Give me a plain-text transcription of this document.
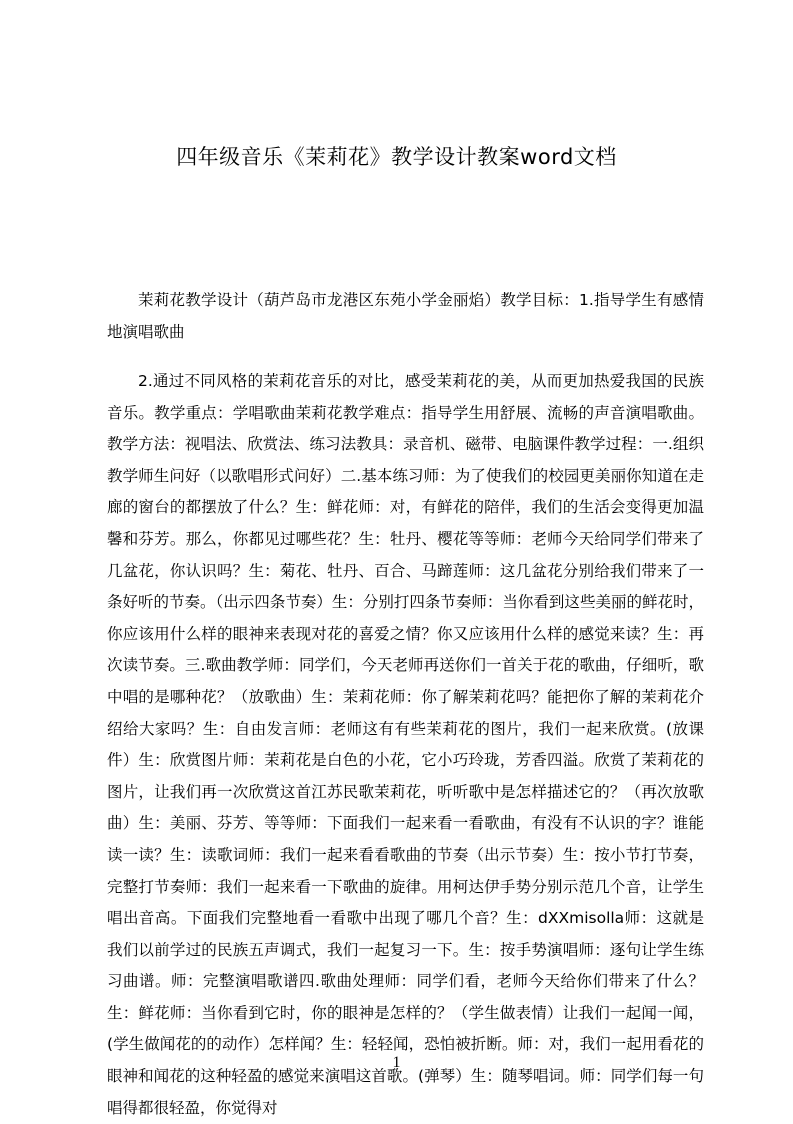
四年级音乐《茉莉花》教学设计教案word文档

茉莉花教学设计（葫芦岛市龙港区东苑小学金丽焰）教学目标：1.指导学生有感情地演唱歌曲

2.通过不同风格的茉莉花音乐的对比，感受茉莉花的美，从而更加热爱我国的民族音乐。教学重点：学唱歌曲茉莉花教学难点：指导学生用舒展、流畅的声音演唱歌曲。教学方法：视唱法、欣赏法、练习法教具：录音机、磁带、电脑课件教学过程：一.组织教学师生问好（以歌唱形式问好）二.基本练习师：为了使我们的校园更美丽你知道在走廊的窗台的都摆放了什么？生：鲜花师：对，有鲜花的陪伴，我们的生活会变得更加温馨和芬芳。那么，你都见过哪些花？生：牡丹、樱花等等师：老师今天给同学们带来了几盆花，你认识吗？生：菊花、牡丹、百合、马蹄莲师：这几盆花分别给我们带来了一条好听的节奏。（出示四条节奏）生：分别打四条节奏师：当你看到这些美丽的鲜花时，你应该用什么样的眼神来表现对花的喜爱之情？你又应该用什么样的感觉来读？生：再次读节奏。三.歌曲教学师：同学们，今天老师再送你们一首关于花的歌曲，仔细听，歌中唱的是哪种花？（放歌曲）生：茉莉花师：你了解茉莉花吗？能把你了解的茉莉花介绍给大家吗？生：自由发言师：老师这有有些茉莉花的图片，我们一起来欣赏。(放课件）生：欣赏图片师：茉莉花是白色的小花，它小巧玲珑，芳香四溢。欣赏了茉莉花的图片，让我们再一次欣赏这首江苏民歌茉莉花，听听歌中是怎样描述它的？（再次放歌曲）生：美丽、芬芳、等等师：下面我们一起来看一看歌曲，有没有不认识的字？谁能读一读？生：读歌词师：我们一起来看看歌曲的节奏（出示节奏）生：按小节打节奏，完整打节奏师：我们一起来看一下歌曲的旋律。用柯达伊手势分别示范几个音，让学生唱出音高。下面我们完整地看一看歌中出现了哪几个音？生：dXXmisolla师：这就是我们以前学过的民族五声调式，我们一起复习一下。生：按手势演唱师：逐句让学生练习曲谱。师：完整演唱歌谱四.歌曲处理师：同学们看，老师今天给你们带来了什么？生：鲜花师：当你看到它时，你的眼神是怎样的？（学生做表情）让我们一起闻一闻，(学生做闻花的的动作）怎样闻？生：轻轻闻，恐怕被折断。师：对，我们一起用看花的眼神和闻花的这种轻盈的感觉来演唱这首歌。(弹琴）生：随琴唱词。师：同学们每一句唱得都很轻盈，你觉得对

1
